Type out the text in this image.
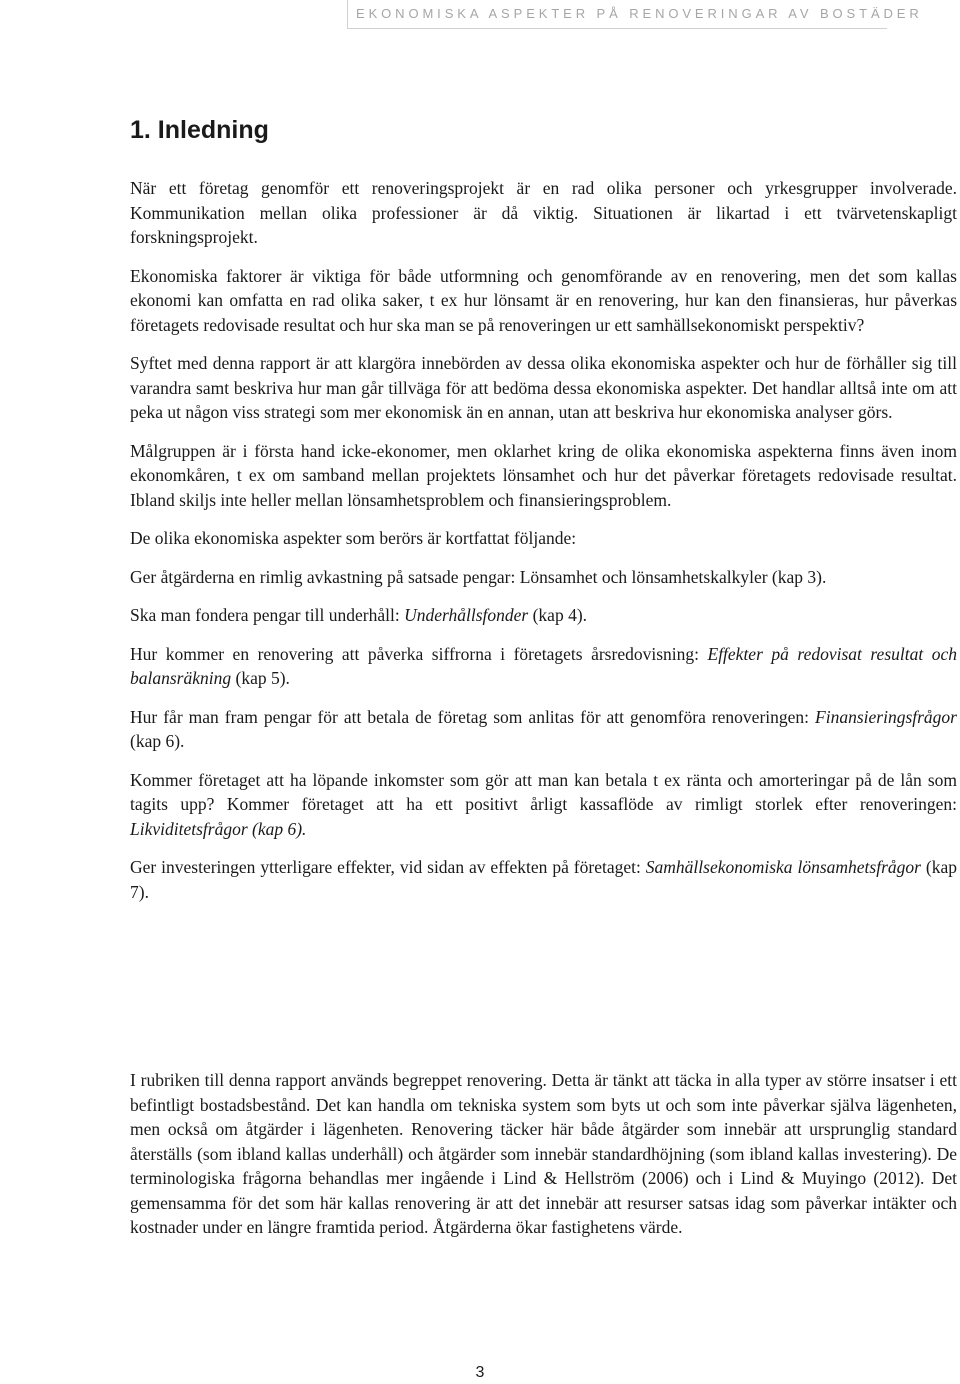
EKONOMISKA ASPEKTER PÅ RENOVERINGAR AV BOSTÄDER
1. Inledning

När ett företag genomför ett renoveringsprojekt är en rad olika personer och yrkesgrupper involverade. Kommunikation mellan olika professioner är då viktig. Situationen är likartad i ett tvärvetenskapligt forskningsprojekt.

Ekonomiska faktorer är viktiga för både utformning och genomförande av en renovering, men det som kallas ekonomi kan omfatta en rad olika saker, t ex hur lönsamt är en renovering, hur kan den finansieras, hur påverkas företagets redovisade resultat och hur ska man se på renoveringen ur ett samhällsekonomiskt perspektiv?

Syftet med denna rapport är att klargöra innebörden av dessa olika ekonomiska aspekter och hur de förhåller sig till varandra samt beskriva hur man går tillväga för att bedöma dessa ekonomiska aspekter. Det handlar alltså inte om att peka ut någon viss strategi som mer ekonomisk än en annan, utan att beskriva hur ekonomiska analyser görs.

Målgruppen är i första hand icke-ekonomer, men oklarhet kring de olika ekonomiska aspekterna finns även inom ekonomkåren, t ex om samband mellan projektets lönsamhet och hur det påverkar företagets redovisade resultat. Ibland skiljs inte heller mellan lönsamhetsproblem och finansieringsproblem.

De olika ekonomiska aspekter som berörs är kortfattat följande:

Ger åtgärderna en rimlig avkastning på satsade pengar: Lönsamhet och lönsamhetskalkyler (kap 3).

Ska man fondera pengar till underhåll: Underhållsfonder (kap 4).

Hur kommer en renovering att påverka siffrorna i företagets årsredovisning: Effekter på redovisat resultat och balansräkning (kap 5).

Hur får man fram pengar för att betala de företag som anlitas för att genomföra renoveringen: Finansieringsfrågor (kap 6).

Kommer företaget att ha löpande inkomster som gör att man kan betala t ex ränta och amorteringar på de lån som tagits upp? Kommer företaget att ha ett positivt årligt kassaflöde av rimligt storlek efter renoveringen: Likviditetsfrågor (kap 6).

Ger investeringen ytterligare effekter, vid sidan av effekten på företaget: Samhällsekonomiska lönsamhetsfrågor (kap 7).

I rubriken till denna rapport används begreppet renovering. Detta är tänkt att täcka in alla typer av större insatser i ett befintligt bostadsbestånd. Det kan handla om tekniska system som byts ut och som inte påverkar själva lägenheten, men också om åtgärder i lägenheten. Renovering täcker här både åtgärder som innebär att ursprunglig standard återställs (som ibland kallas underhåll) och åtgärder som innebär standardhöjning (som ibland kallas investering). De terminologiska frågorna behandlas mer ingående i Lind & Hellström (2006) och i Lind & Muyingo (2012). Det gemensamma för det som här kallas renovering är att det innebär att resurser satsas idag som påverkar intäkter och kostnader under en längre framtida period. Åtgärderna ökar fastighetens värde.

3
